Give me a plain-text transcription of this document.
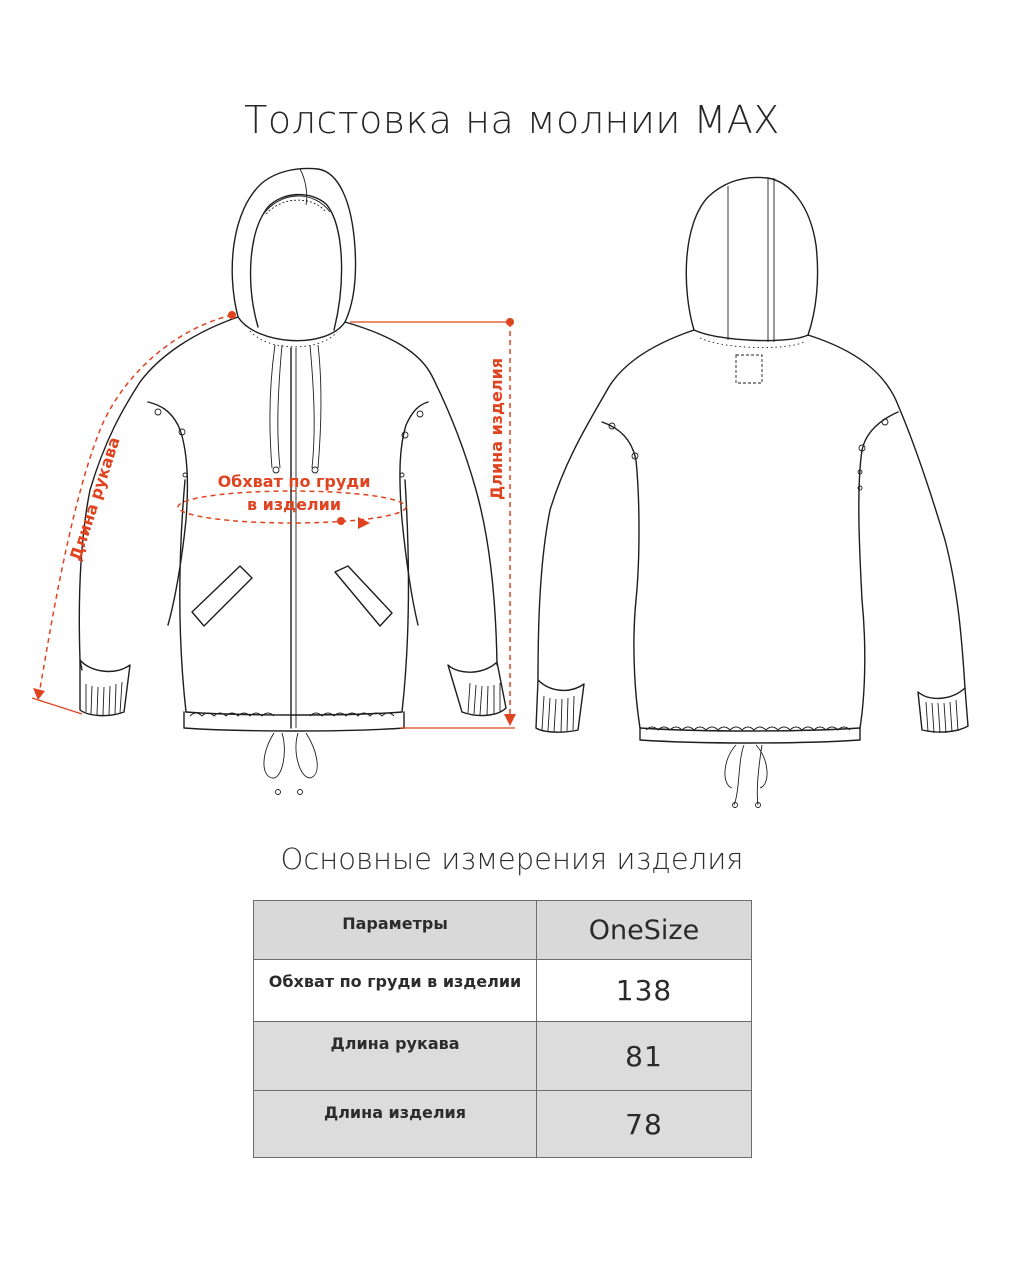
Толстовка на молнии MAX
Обхват по груди
в изделии
Длина рукава	Длина изделия
Основные измерения изделия
Параметры	OneSize
Обхват по груди в изделии	138
Длина рукава	81
Длина изделия	78
